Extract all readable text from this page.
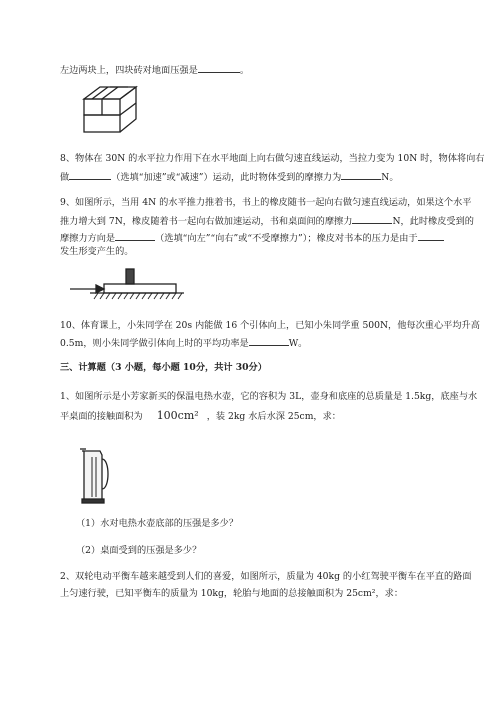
左边两块上，四块砖对地面压强是	。
8、物体在 30N 的水平拉力作用下在水平地面上向右做匀速直线运动，当拉力变为 10N 时，物体将向右
做	（选填“加速”或“减速”）运动，此时物体受到的摩擦力为	N。
9、如图所示，当用 4N 的水平推力推着书，书上的橡皮随书一起向右做匀速直线运动，如果这个水平
推力增大到 7N，橡皮随着书一起向右做加速运动，书和桌面间的摩擦力	N，此时橡皮受到的
摩擦力方向是	（选填“向左”“向右”或“不受摩擦力”）；橡皮对书本的压力是由于
发生形变产生的。
10、体育课上，小朱同学在 20s 内能做 16 个引体向上，已知小朱同学重 500N，他每次重心平均升高
0.5m，则小朱同学做引体向上时的平均功率是	W。
三、计算题（3 小题，每小题 10分，共计 30分）
1、如图所示是小芳家新买的保温电热水壶，它的容积为 3L，壶身和底座的总质量是 1.5kg，底座与水
平桌面的接触面积为 100cm² ，装 2kg 水后水深 25cm，求：
（1）水对电热水壶底部的压强是多少？
（2）桌面受到的压强是多少？
2、双轮电动平衡车越来越受到人们的喜爱，如图所示，质量为 40kg 的小红驾驶平衡车在平直的路面
上匀速行驶，已知平衡车的质量为 10kg，轮胎与地面的总接触面积为 25cm²，求：
